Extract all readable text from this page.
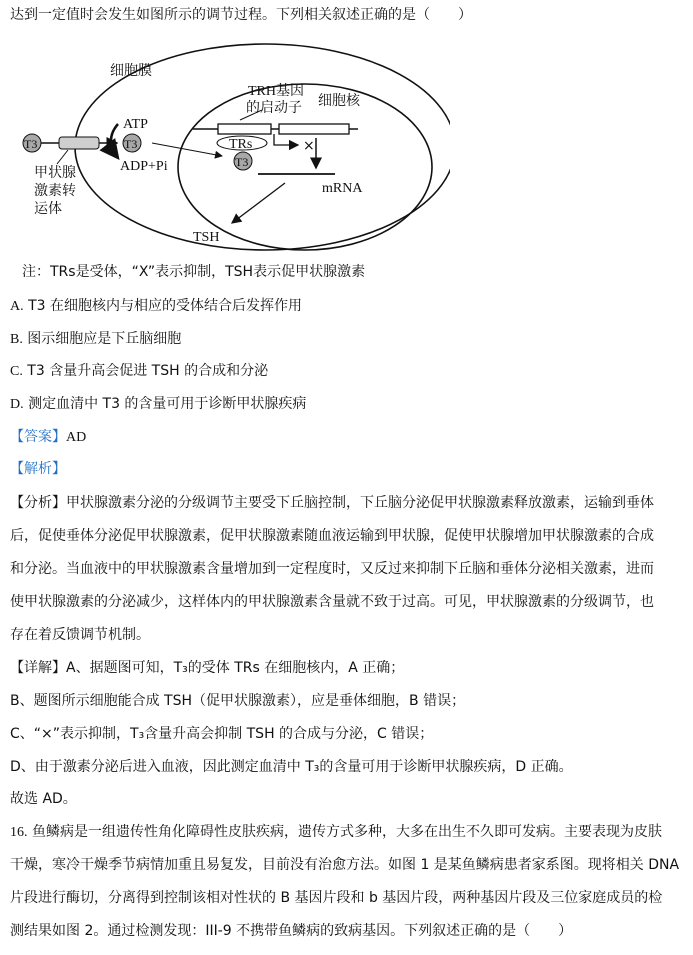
达到一定值时会发生如图所示的调节过程。下列相关叙述正确的是（　　）
细胞膜
TRH基因
的启动子 细胞核
×
mRNA
TSH
TRs
T3
T3
甲状腺
激素转
运体
ATP
ADP+Pi
T3
注：TRs是受体，“X”表示抑制，TSH表示促甲状腺激素
A. T3 在细胞核内与相应的受体结合后发挥作用
B. 图示细胞应是下丘脑细胞
C. T3 含量升高会促进 TSH 的合成和分泌
D. 测定血清中 T3 的含量可用于诊断甲状腺疾病
【答案】AD
【解析】
【分析】甲状腺激素分泌的分级调节主要受下丘脑控制，下丘脑分泌促甲状腺激素释放激素，运输到垂体
后，促使垂体分泌促甲状腺激素，促甲状腺激素随血液运输到甲状腺，促使甲状腺增加甲状腺激素的合成
和分泌。当血液中的甲状腺激素含量增加到一定程度时，又反过来抑制下丘脑和垂体分泌相关激素，进而
使甲状腺激素的分泌减少，这样体内的甲状腺激素含量就不致于过高。可见，甲状腺激素的分级调节，也
存在着反馈调节机制。
【详解】A、据题图可知，T₃的受体 TRs 在细胞核内，A 正确；
B、题图所示细胞能合成 TSH（促甲状腺激素），应是垂体细胞，B 错误；
C、“×”表示抑制，T₃含量升高会抑制 TSH 的合成与分泌，C 错误；
D、由于激素分泌后进入血液，因此测定血清中 T₃的含量可用于诊断甲状腺疾病，D 正确。
故选 AD。
16. 鱼鳞病是一组遗传性角化障碍性皮肤疾病，遗传方式多种，大多在出生不久即可发病。主要表现为皮肤
干燥，寒冷干燥季节病情加重且易复发，目前没有治愈方法。如图 1 是某鱼鳞病患者家系图。现将相关 DNA
片段进行酶切，分离得到控制该相对性状的 B 基因片段和 b 基因片段，两种基因片段及三位家庭成员的检
测结果如图 2。通过检测发现：III-9 不携带鱼鳞病的致病基因。下列叙述正确的是（　　）
